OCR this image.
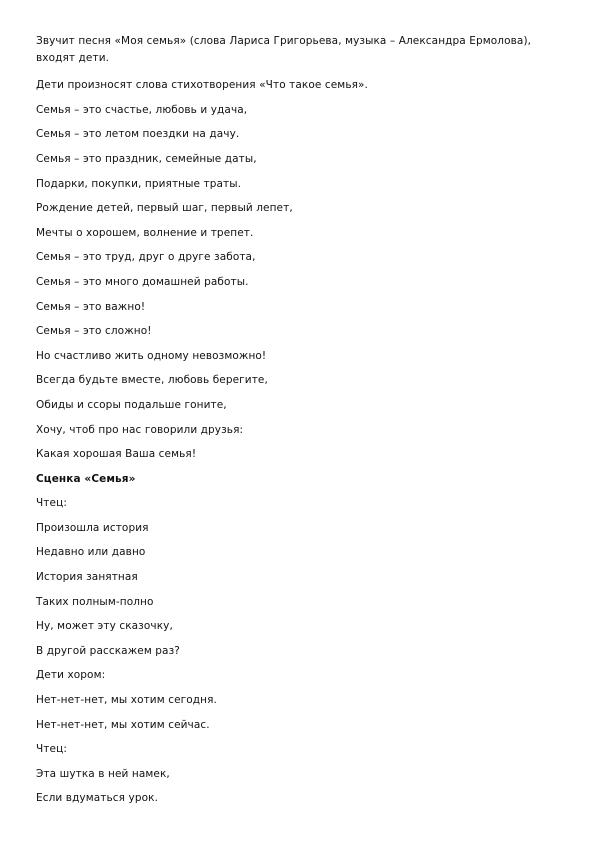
Звучит песня «Моя семья» (слова Лариса Григорьева, музыка – Александра Ермолова), входят дети.

Дети произносят слова стихотворения «Что такое семья».

Семья – это счастье, любовь и удача,

Семья – это летом поездки на дачу.

Семья – это праздник, семейные даты,

Подарки, покупки, приятные траты.

Рождение детей, первый шаг, первый лепет,

Мечты о хорошем, волнение и трепет.

Семья – это труд, друг о друге забота,

Семья – это много домашней работы.

Семья – это важно!

Семья – это сложно!

Но счастливо жить одному невозможно!

Всегда будьте вместе, любовь берегите,

Обиды и ссоры подальше гоните,

Хочу, чтоб про нас говорили друзья:

Какая хорошая Ваша семья!

Сценка «Семья»

Чтец:

Произошла история

Недавно или давно

История занятная

Таких полным-полно

Ну, может эту сказочку,

В другой расскажем раз?

Дети хором:

Нет-нет-нет, мы хотим сегодня.

Нет-нет-нет, мы хотим сейчас.

Чтец:

Эта шутка в ней намек,

Если вдуматься урок.
